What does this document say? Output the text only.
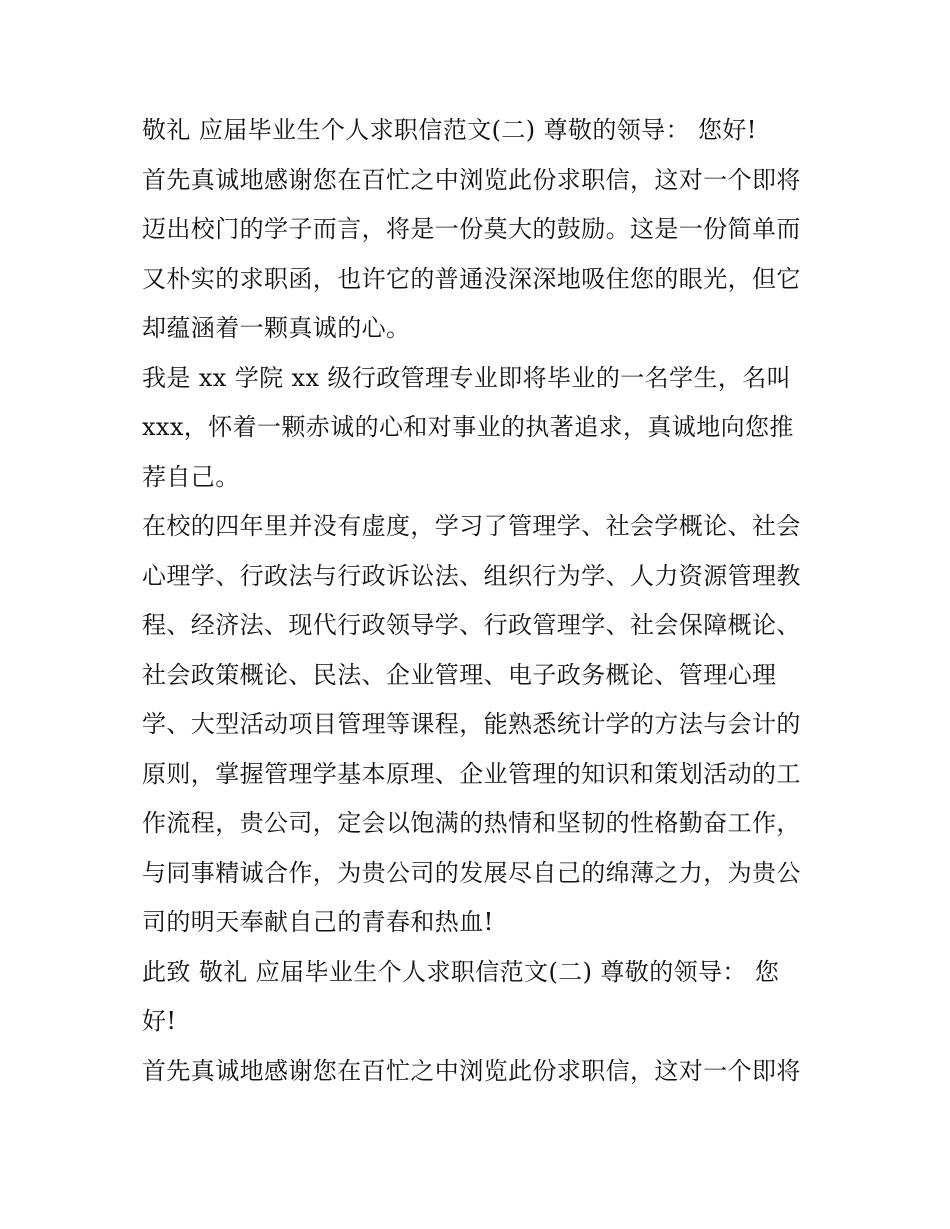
敬礼 应届毕业生个人求职信范文(二) 尊敬的领导： 您好!
首先真诚地感谢您在百忙之中浏览此份求职信，这对一个即将
迈出校门的学子而言，将是一份莫大的鼓励。这是一份简单而
又朴实的求职函，也许它的普通没深深地吸住您的眼光，但它
却蕴涵着一颗真诚的心。
我是 xx 学院 xx 级行政管理专业即将毕业的一名学生，名叫
xxx，怀着一颗赤诚的心和对事业的执著追求，真诚地向您推
荐自己。
在校的四年里并没有虚度，学习了管理学、社会学概论、社会
心理学、行政法与行政诉讼法、组织行为学、人力资源管理教
程、经济法、现代行政领导学、行政管理学、社会保障概论、
社会政策概论、民法、企业管理、电子政务概论、管理心理
学、大型活动项目管理等课程，能熟悉统计学的方法与会计的
原则，掌握管理学基本原理、企业管理的知识和策划活动的工
作流程，贵公司，定会以饱满的热情和坚韧的性格勤奋工作，
与同事精诚合作，为贵公司的发展尽自己的绵薄之力，为贵公
司的明天奉献自己的青春和热血!
此致 敬礼 应届毕业生个人求职信范文(二) 尊敬的领导： 您
好!
首先真诚地感谢您在百忙之中浏览此份求职信，这对一个即将
